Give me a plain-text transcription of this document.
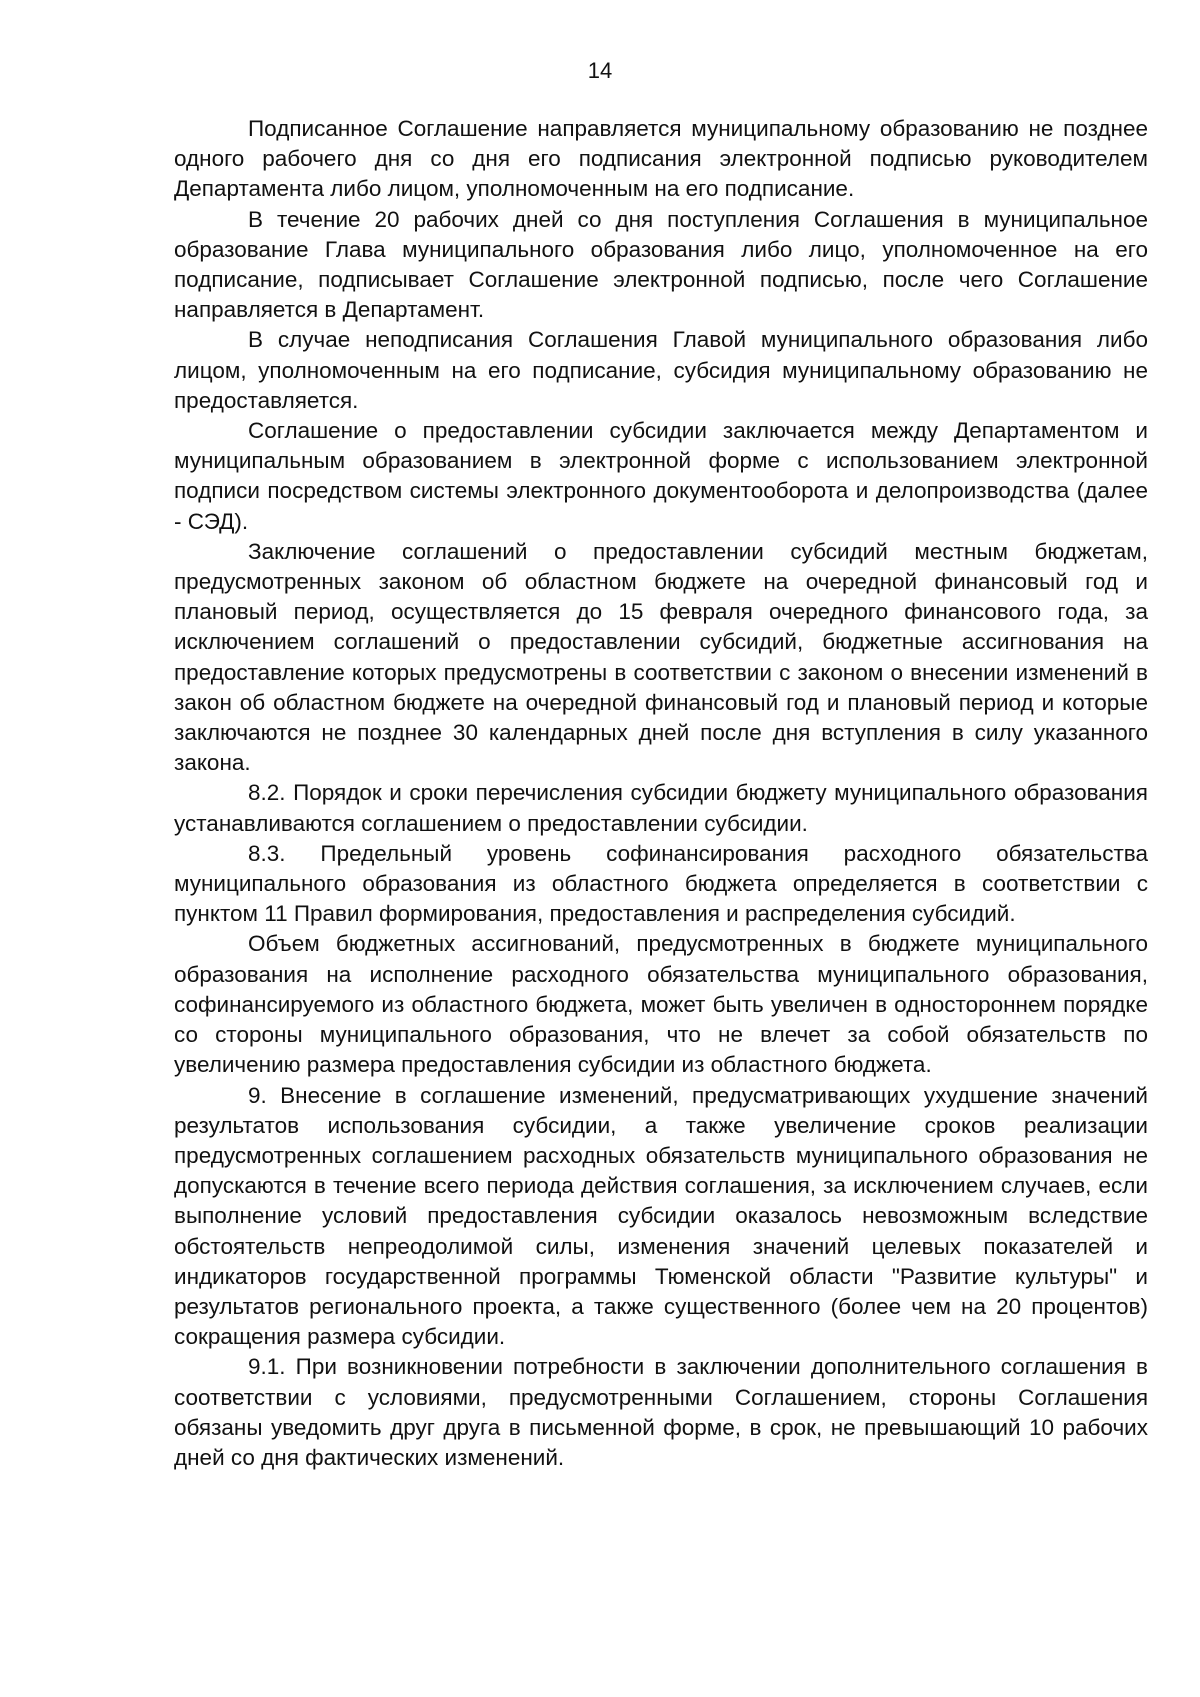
14

Подписанное Соглашение направляется муниципальному образованию не позднее одного рабочего дня со дня его подписания электронной подписью руководителем Департамента либо лицом, уполномоченным на его подписание.

В течение 20 рабочих дней со дня поступления Соглашения в муниципальное образование Глава муниципального образования либо лицо, уполномоченное на его подписание, подписывает Соглашение электронной подписью, после чего Соглашение направляется в Департамент.

В случае неподписания Соглашения Главой муниципального образования либо лицом, уполномоченным на его подписание, субсидия муниципальному образованию не предоставляется.

Соглашение о предоставлении субсидии заключается между Департаментом и муниципальным образованием в электронной форме с использованием электронной подписи посредством системы электронного документооборота и делопроизводства (далее - СЭД).

Заключение соглашений о предоставлении субсидий местным бюджетам, предусмотренных законом об областном бюджете на очередной финансовый год и плановый период, осуществляется до 15 февраля очередного финансового года, за исключением соглашений о предоставлении субсидий, бюджетные ассигнования на предоставление которых предусмотрены в соответствии с законом о внесении изменений в закон об областном бюджете на очередной финансовый год и плановый период и которые заключаются не позднее 30 календарных дней после дня вступления в силу указанного закона.

8.2. Порядок и сроки перечисления субсидии бюджету муниципального образования устанавливаются соглашением о предоставлении субсидии.

8.3. Предельный уровень софинансирования расходного обязательства муниципального образования из областного бюджета определяется в соответствии с пунктом 11 Правил формирования, предоставления и распределения субсидий.

Объем бюджетных ассигнований, предусмотренных в бюджете муниципального образования на исполнение расходного обязательства муниципального образования, софинансируемого из областного бюджета, может быть увеличен в одностороннем порядке со стороны муниципального образования, что не влечет за собой обязательств по увеличению размера предоставления субсидии из областного бюджета.

9. Внесение в соглашение изменений, предусматривающих ухудшение значений результатов использования субсидии, а также увеличение сроков реализации предусмотренных соглашением расходных обязательств муниципального образования не допускаются в течение всего периода действия соглашения, за исключением случаев, если выполнение условий предоставления субсидии оказалось невозможным вследствие обстоятельств непреодолимой силы, изменения значений целевых показателей и индикаторов государственной программы Тюменской области "Развитие культуры" и результатов регионального проекта, а также существенного (более чем на 20 процентов) сокращения размера субсидии.

9.1. При возникновении потребности в заключении дополнительного соглашения в соответствии с условиями, предусмотренными Соглашением, стороны Соглашения обязаны уведомить друг друга в письменной форме, в срок, не превышающий 10 рабочих дней со дня фактических изменений.
